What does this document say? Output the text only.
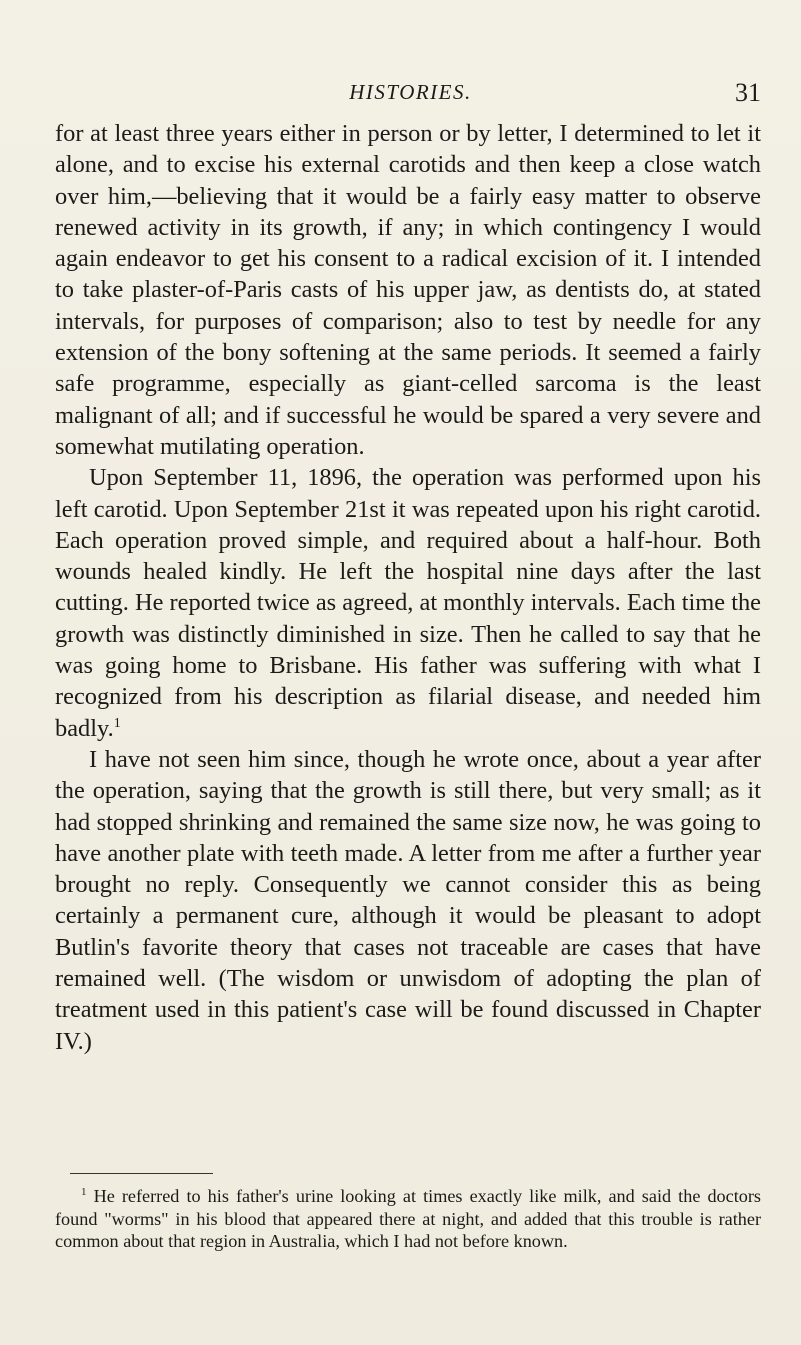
HISTORIES.	31

for at least three years either in person or by letter, I determined to let it alone, and to excise his external carotids and then keep a close watch over him,—believing that it would be a fairly easy matter to observe renewed activity in its growth, if any; in which contingency I would again endeavor to get his consent to a radical excision of it. I intended to take plaster-of-Paris casts of his upper jaw, as dentists do, at stated intervals, for purposes of comparison; also to test by needle for any extension of the bony softening at the same periods. It seemed a fairly safe programme, especially as giant-celled sarcoma is the least malignant of all; and if successful he would be spared a very severe and somewhat mutilating operation.

Upon September 11, 1896, the operation was performed upon his left carotid. Upon September 21st it was repeated upon his right carotid. Each operation proved simple, and required about a half-hour. Both wounds healed kindly. He left the hospital nine days after the last cutting. He reported twice as agreed, at monthly intervals. Each time the growth was distinctly diminished in size. Then he called to say that he was going home to Brisbane. His father was suffering with what I recognized from his description as filarial disease, and needed him badly.$^1$

I have not seen him since, though he wrote once, about a year after the operation, saying that the growth is still there, but very small; as it had stopped shrinking and remained the same size now, he was going to have another plate with teeth made. A letter from me after a further year brought no reply. Consequently we cannot consider this as being certainly a permanent cure, although it would be pleasant to adopt Butlin's favorite theory that cases not traceable are cases that have remained well. (The wisdom or unwisdom of adopting the plan of treatment used in this patient's case will be found discussed in Chapter IV.)

$^1$ He referred to his father's urine looking at times exactly like milk, and said the doctors found "worms" in his blood that appeared there at night, and added that this trouble is rather common about that region in Australia, which I had not before known.
